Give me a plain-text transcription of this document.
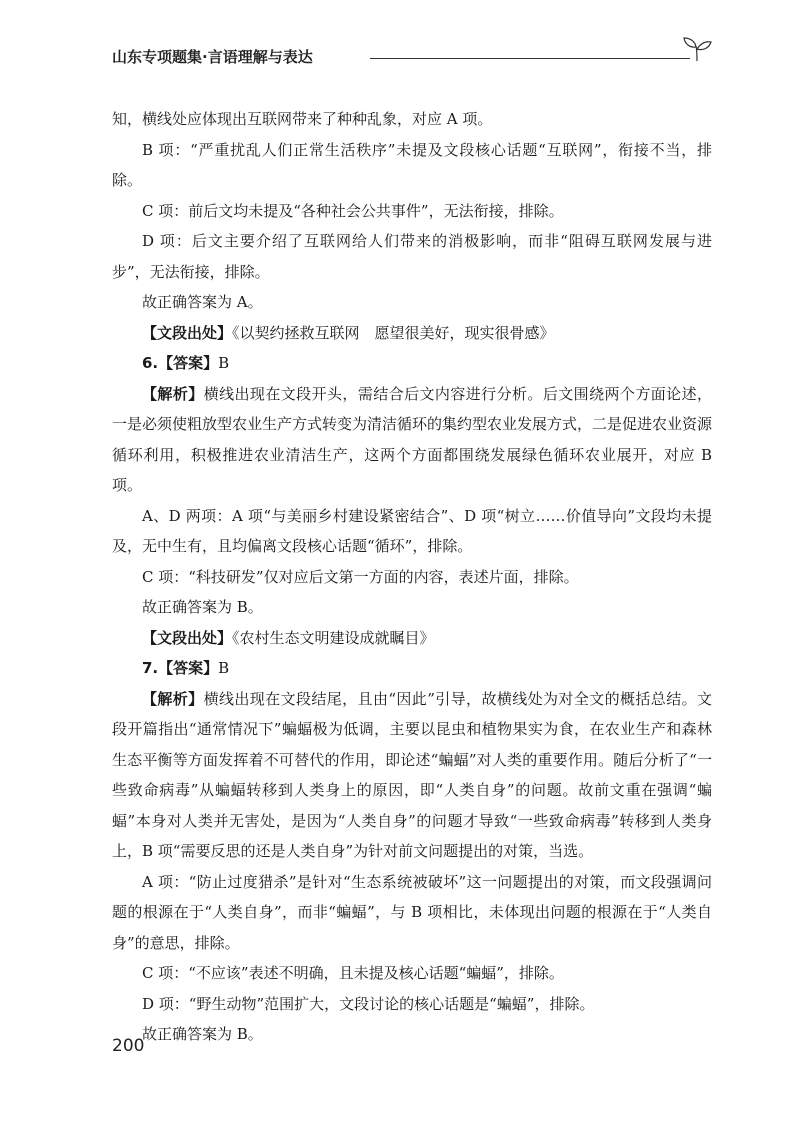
山东专项题集·言语理解与表达

知，横线处应体现出互联网带来了种种乱象，对应 A 项。

B 项：“严重扰乱人们正常生活秩序”未提及文段核心话题“互联网”，衔接不当，排除。

C 项：前后文均未提及“各种社会公共事件”，无法衔接，排除。

D 项：后文主要介绍了互联网给人们带来的消极影响，而非“阻碍互联网发展与进步”，无法衔接，排除。

故正确答案为 A。

【文段出处】《以契约拯救互联网　愿望很美好，现实很骨感》

6.【答案】B

【解析】横线出现在文段开头，需结合后文内容进行分析。后文围绕两个方面论述，一是必须使粗放型农业生产方式转变为清洁循环的集约型农业发展方式，二是促进农业资源循环利用，积极推进农业清洁生产，这两个方面都围绕发展绿色循环农业展开，对应 B 项。

A、D 两项：A 项“与美丽乡村建设紧密结合”、D 项“树立……价值导向”文段均未提及，无中生有，且均偏离文段核心话题“循环”，排除。

C 项：“科技研发”仅对应后文第一方面的内容，表述片面，排除。

故正确答案为 B。

【文段出处】《农村生态文明建设成就瞩目》

7.【答案】B

【解析】横线出现在文段结尾，且由“因此”引导，故横线处为对全文的概括总结。文段开篇指出“通常情况下”蝙蝠极为低调，主要以昆虫和植物果实为食，在农业生产和森林生态平衡等方面发挥着不可替代的作用，即论述“蝙蝠”对人类的重要作用。随后分析了“一些致命病毒”从蝙蝠转移到人类身上的原因，即“人类自身”的问题。故前文重在强调“蝙蝠”本身对人类并无害处，是因为“人类自身”的问题才导致“一些致命病毒”转移到人类身上，B 项“需要反思的还是人类自身”为针对前文问题提出的对策，当选。

A 项：“防止过度猎杀”是针对“生态系统被破坏”这一问题提出的对策，而文段强调问题的根源在于“人类自身”，而非“蝙蝠”，与 B 项相比，未体现出问题的根源在于“人类自身”的意思，排除。

C 项：“不应该”表述不明确，且未提及核心话题“蝙蝠”，排除。

D 项：“野生动物”范围扩大，文段讨论的核心话题是“蝙蝠”，排除。

故正确答案为 B。

200
